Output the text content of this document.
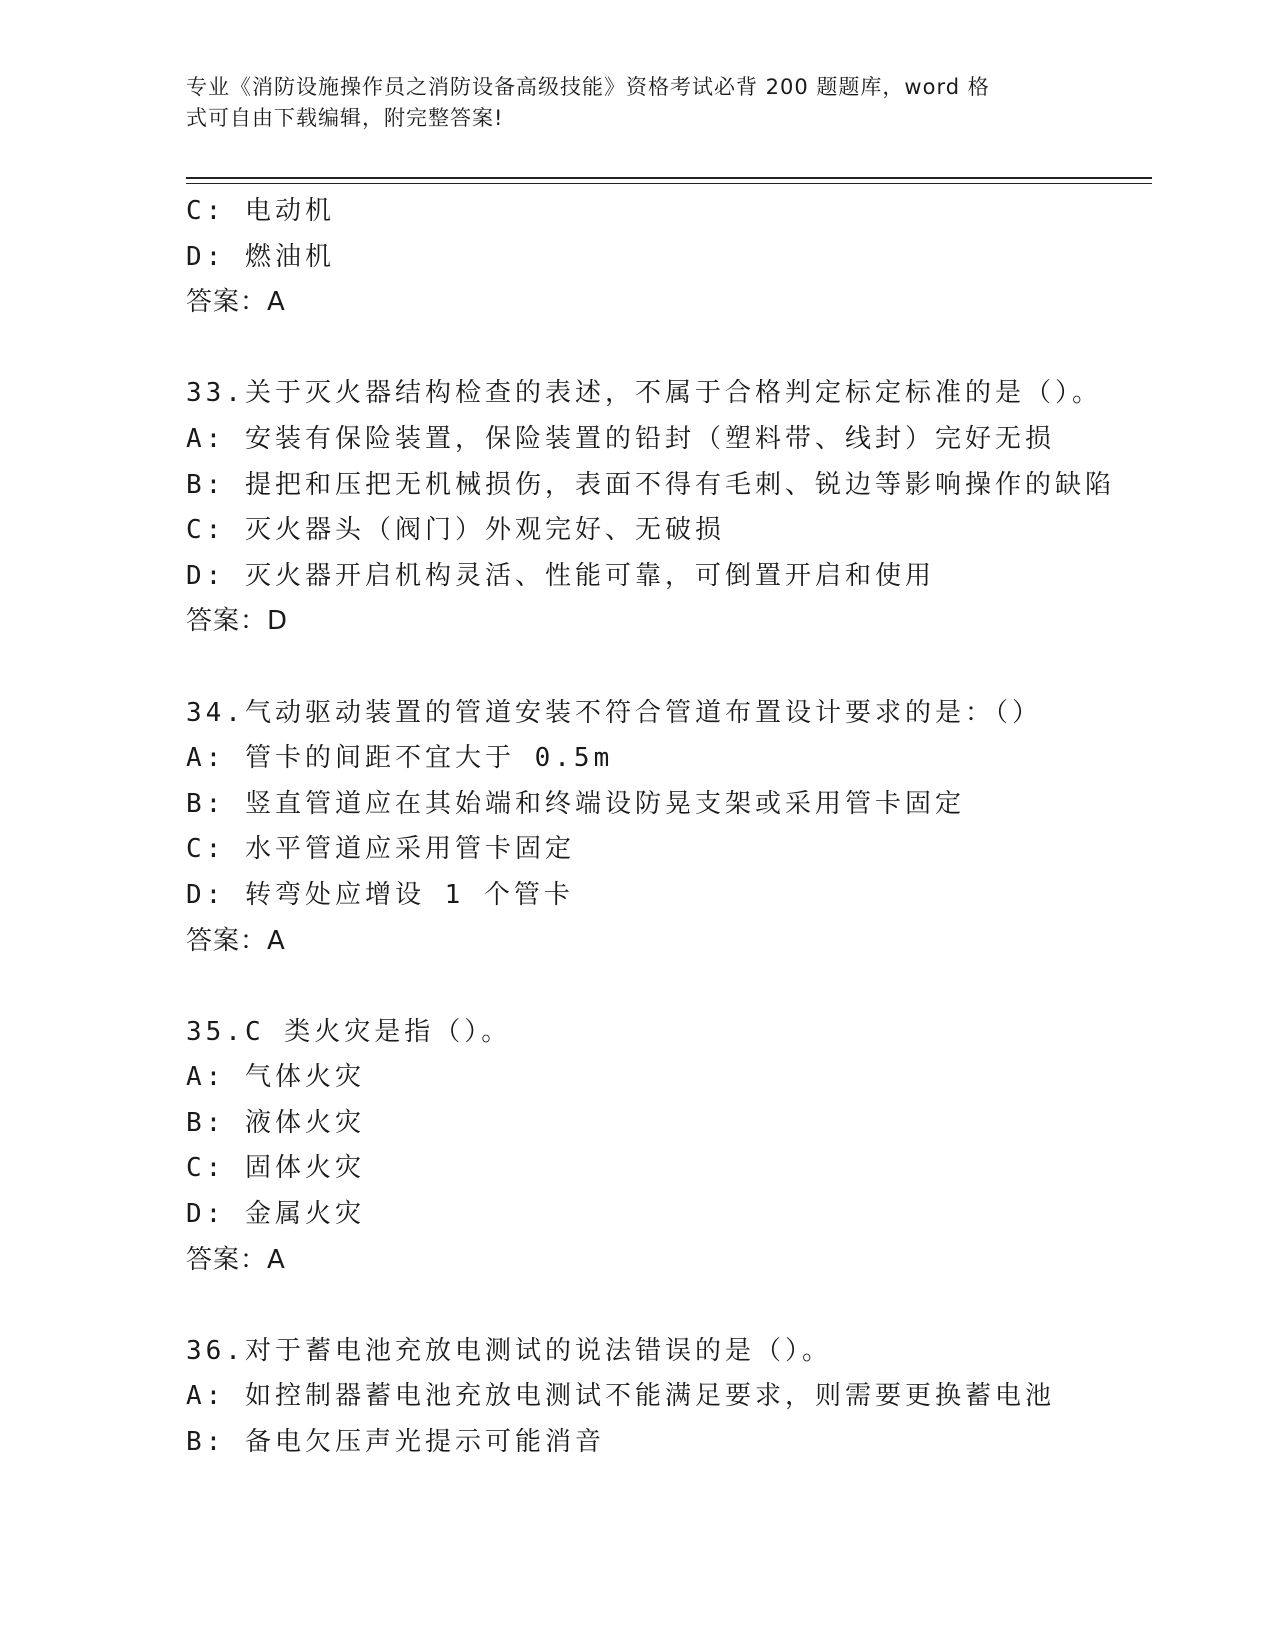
专业《消防设施操作员之消防设备高级技能》资格考试必背 200 题题库，word 格
式可自由下载编辑，附完整答案!
C: 电动机
D: 燃油机
答案：A
33.关于灭火器结构检查的表述，不属于合格判定标定标准的是（）。
A: 安装有保险装置，保险装置的铅封（塑料带、线封）完好无损
B: 提把和压把无机械损伤，表面不得有毛刺、锐边等影响操作的缺陷
C: 灭火器头（阀门）外观完好、无破损
D: 灭火器开启机构灵活、性能可靠，可倒置开启和使用
答案：D
34.气动驱动装置的管道安装不符合管道布置设计要求的是：（）
A: 管卡的间距不宜大于 0.5m
B: 竖直管道应在其始端和终端设防晃支架或采用管卡固定
C: 水平管道应采用管卡固定
D: 转弯处应增设 1 个管卡
答案：A
35.C 类火灾是指（）。
A: 气体火灾
B: 液体火灾
C: 固体火灾
D: 金属火灾
答案：A
36.对于蓄电池充放电测试的说法错误的是（）。
A: 如控制器蓄电池充放电测试不能满足要求，则需要更换蓄电池
B: 备电欠压声光提示可能消音
